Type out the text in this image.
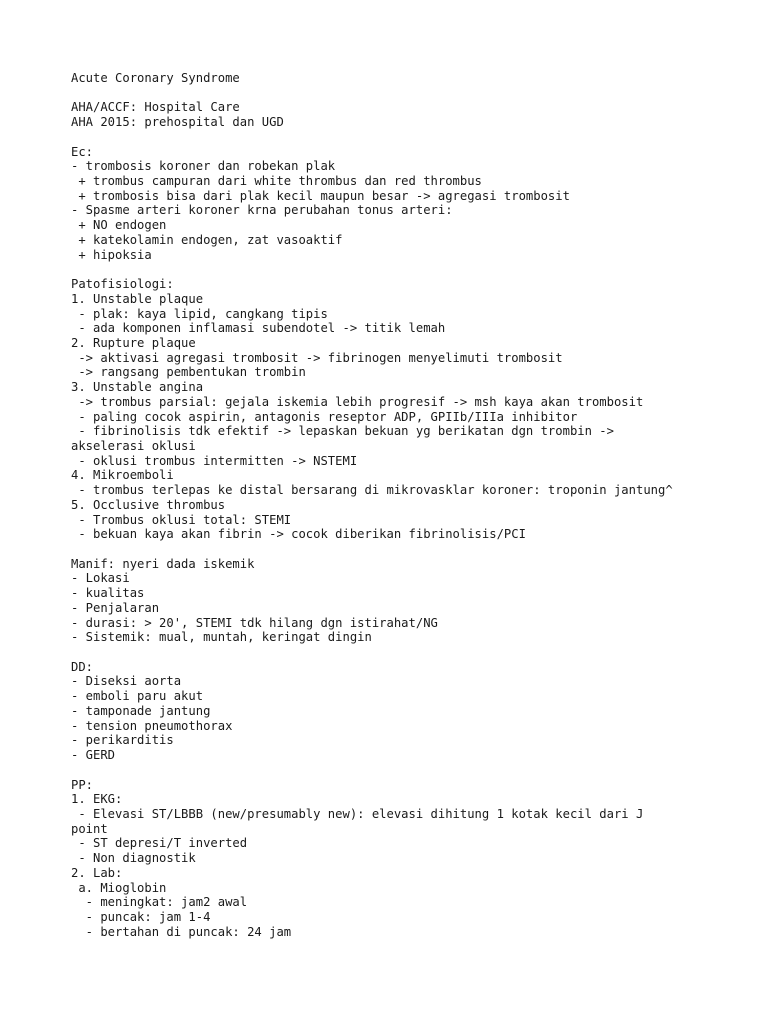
Acute Coronary Syndrome
AHA/ACCF: Hospital Care
AHA 2015: prehospital dan UGD
Ec:
- trombosis koroner dan robekan plak
+ trombus campuran dari white thrombus dan red thrombus
+ trombosis bisa dari plak kecil maupun besar -> agregasi trombosit
- Spasme arteri koroner krna perubahan tonus arteri:
+ NO endogen
+ katekolamin endogen, zat vasoaktif
+ hipoksia
Patofisiologi:
1. Unstable plaque
- plak: kaya lipid, cangkang tipis
- ada komponen inflamasi subendotel -> titik lemah
2. Rupture plaque
-> aktivasi agregasi trombosit -> fibrinogen menyelimuti trombosit
-> rangsang pembentukan trombin
3. Unstable angina
-> trombus parsial: gejala iskemia lebih progresif -> msh kaya akan trombosit
- paling cocok aspirin, antagonis reseptor ADP, GPIIb/IIIa inhibitor
- fibrinolisis tdk efektif -> lepaskan bekuan yg berikatan dgn trombin ->
akselerasi oklusi
- oklusi trombus intermitten -> NSTEMI
4. Mikroemboli
- trombus terlepas ke distal bersarang di mikrovasklar koroner: troponin jantung^
5. Occlusive thrombus
- Trombus oklusi total: STEMI
- bekuan kaya akan fibrin -> cocok diberikan fibrinolisis/PCI
Manif: nyeri dada iskemik
- Lokasi
- kualitas
- Penjalaran
- durasi: > 20', STEMI tdk hilang dgn istirahat/NG
- Sistemik: mual, muntah, keringat dingin
DD:
- Diseksi aorta
- emboli paru akut
- tamponade jantung
- tension pneumothorax
- perikarditis
- GERD
PP:
1. EKG:
- Elevasi ST/LBBB (new/presumably new): elevasi dihitung 1 kotak kecil dari J
point
- ST depresi/T inverted
- Non diagnostik
2. Lab:
a. Mioglobin
- meningkat: jam2 awal
- puncak: jam 1-4
- bertahan di puncak: 24 jam
